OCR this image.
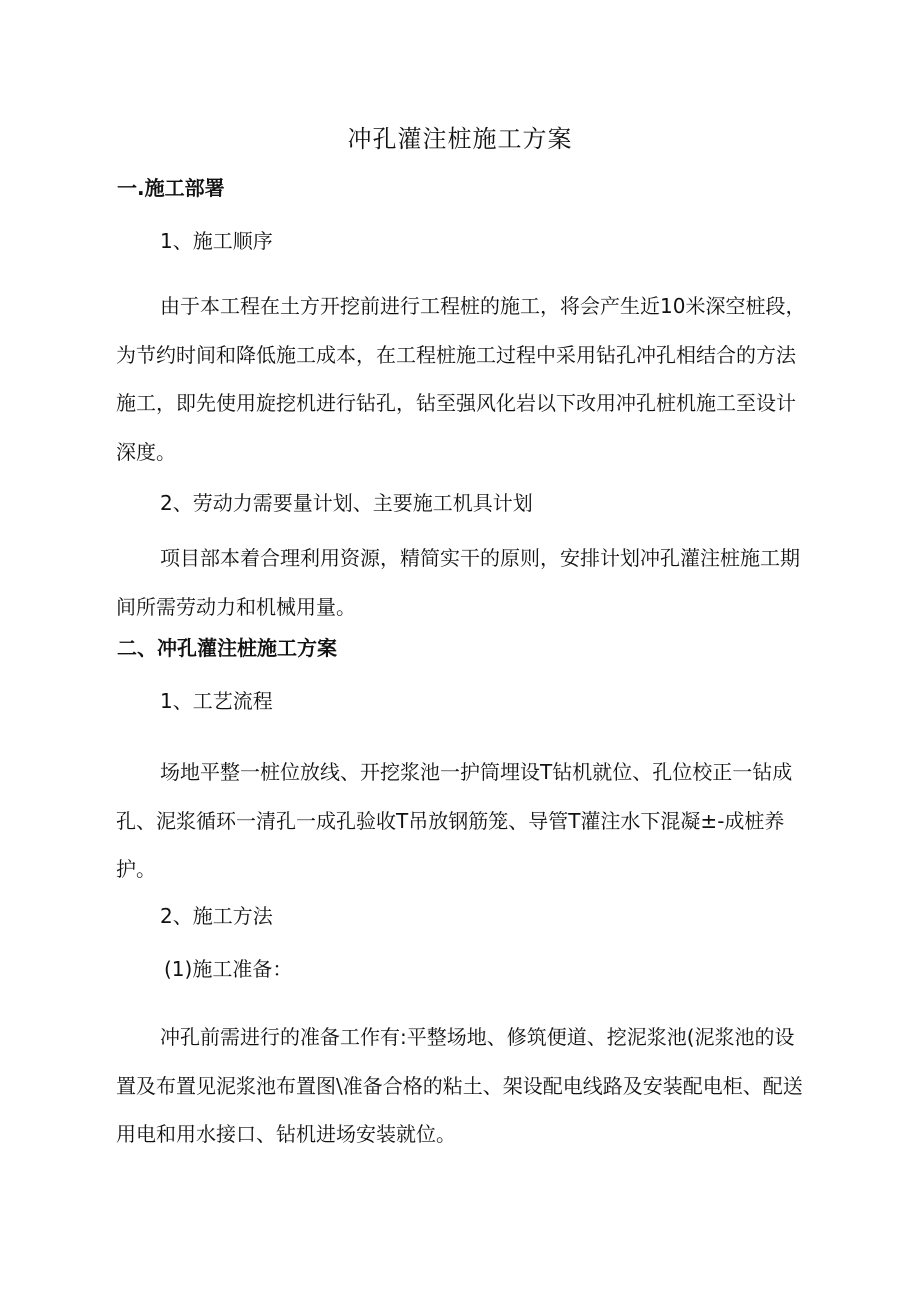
冲孔灌注桩施工方案
一.施工部署
1、施工顺序
由于本工程在土方开挖前进行工程桩的施工，将会产生近10米深空桩段，
为节约时间和降低施工成本，在工程桩施工过程中采用钻孔冲孔相结合的方法
施工，即先使用旋挖机进行钻孔，钻至强风化岩以下改用冲孔桩机施工至设计
深度。
2、劳动力需要量计划、主要施工机具计划
项目部本着合理利用资源，精简实干的原则，安排计划冲孔灌注桩施工期
间所需劳动力和机械用量。
二、冲孔灌注桩施工方案
1、工艺流程
场地平整一桩位放线、开挖浆池一护筒埋设T钻机就位、孔位校正一钻成
孔、泥浆循环一清孔一成孔验收T吊放钢筋笼、导管T灌注水下混凝±-成桩养
护。
2、施工方法
(1)施工准备：
冲孔前需进行的准备工作有:平整场地、修筑便道、挖泥浆池(泥浆池的设
置及布置见泥浆池布置图\准备合格的粘土、架设配电线路及安装配电柜、配送
用电和用水接口、钻机进场安装就位。
